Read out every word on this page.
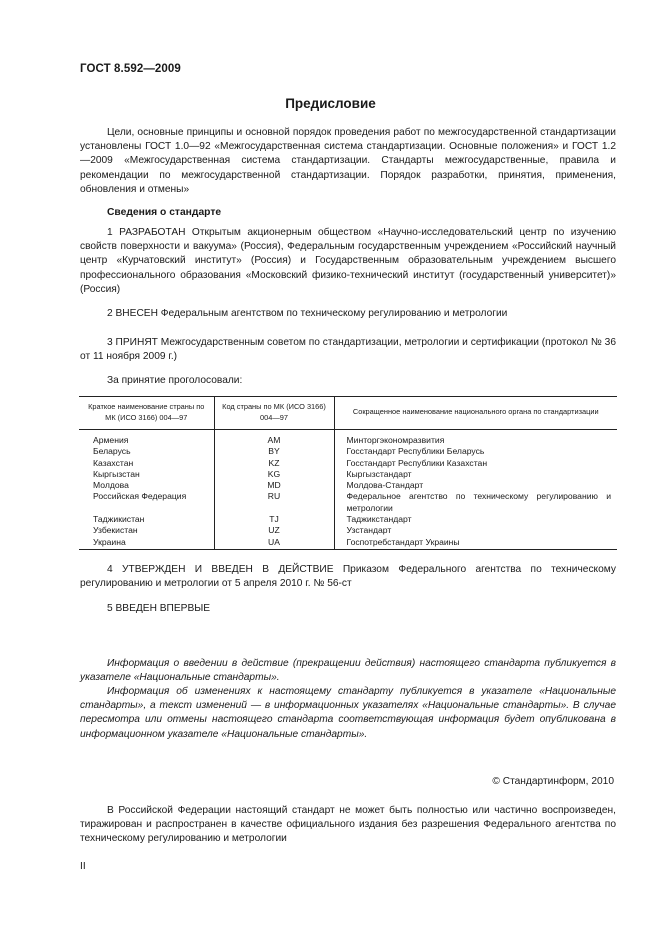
ГОСТ 8.592—2009
Предисловие
Цели, основные принципы и основной порядок проведения работ по межгосударственной стандартизации установлены ГОСТ 1.0—92 «Межгосударственная система стандартизации. Основные положения» и ГОСТ 1.2—2009 «Межгосударственная система стандартизации. Стандарты межгосударственные, правила и рекомендации по межгосударственной стандартизации. Порядок разработки, принятия, применения, обновления и отмены»
Сведения о стандарте
1 РАЗРАБОТАН Открытым акционерным обществом «Научно-исследовательский центр по изучению свойств поверхности и вакуума» (Россия), Федеральным государственным учреждением «Российский научный центр «Курчатовский институт» (Россия) и Государственным образовательным учреждением высшего профессионального образования «Московский физико-технический институт (государственный университет)» (Россия)
2 ВНЕСЕН Федеральным агентством по техническому регулированию и метрологии
3 ПРИНЯТ Межгосударственным советом по стандартизации, метрологии и сертификации (протокол № 36 от 11 ноября 2009 г.)
За принятие проголосовали:
Краткое наименование страны по МК (ИСО 3166) 004—97	Код страны по МК (ИСО 3166) 004—97	Сокращенное наименование национального органа по стандартизации
Армения	AM	Минторгэкономразвития
Беларусь	BY	Госстандарт Республики Беларусь
Казахстан	KZ	Госстандарт Республики Казахстан
Кыргызстан	KG	Кыргызстандарт
Молдова	MD	Молдова-Стандарт
Российская Федерация	RU	Федеральное агентство по техническому регулированию и метрологии
Таджикистан	TJ	Таджикстандарт
Узбекистан	UZ	Узстандарт
Украина	UA	Госпотребстандарт Украины
4 УТВЕРЖДЕН И ВВЕДЕН В ДЕЙСТВИЕ Приказом Федерального агентства по техническому регулированию и метрологии от 5 апреля 2010 г. № 56-ст
5 ВВЕДЕН ВПЕРВЫЕ
Информация о введении в действие (прекращении действия) настоящего стандарта публикуется в указателе «Национальные стандарты».
Информация об изменениях к настоящему стандарту публикуется в указателе «Национальные стандарты», а текст изменений — в информационных указателях «Национальные стандарты». В случае пересмотра или отмены настоящего стандарта соответствующая информация будет опубликована в информационном указателе «Национальные стандарты».
© Стандартинформ, 2010
В Российской Федерации настоящий стандарт не может быть полностью или частично воспроизведен, тиражирован и распространен в качестве официального издания без разрешения Федерального агентства по техническому регулированию и метрологии
II
